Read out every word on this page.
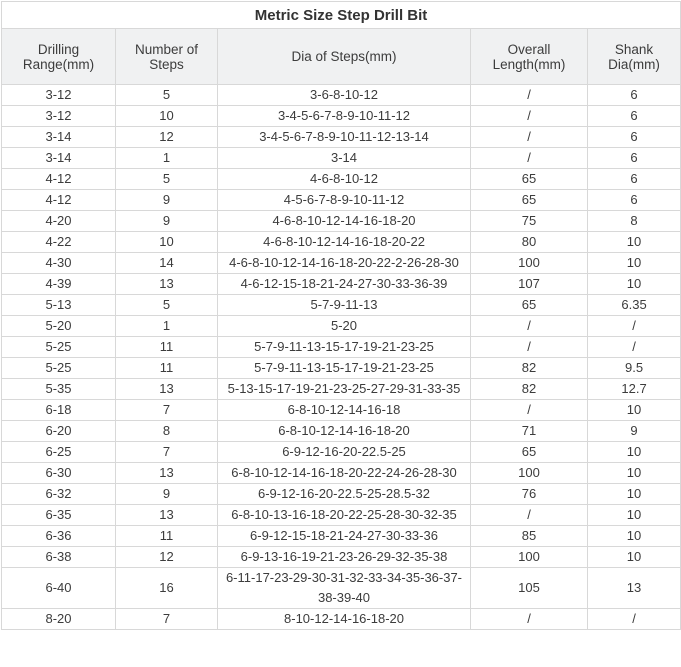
Metric Size Step Drill Bit				
Drilling Range(mm)	Number of Steps	Dia of Steps(mm)	Overall Length(mm)	Shank Dia(mm)
3-12	5	3-6-8-10-12	/	6
3-12	10	3-4-5-6-7-8-9-10-11-12	/	6
3-14	12	3-4-5-6-7-8-9-10-11-12-13-14	/	6
3-14	1	3-14	/	6
4-12	5	4-6-8-10-12	65	6
4-12	9	4-5-6-7-8-9-10-11-12	65	6
4-20	9	4-6-8-10-12-14-16-18-20	75	8
4-22	10	4-6-8-10-12-14-16-18-20-22	80	10
4-30	14	4-6-8-10-12-14-16-18-20-22-2-26-28-30	100	10
4-39	13	4-6-12-15-18-21-24-27-30-33-36-39	107	10
5-13	5	5-7-9-11-13	65	6.35
5-20	1	5-20	/	/
5-25	11	5-7-9-11-13-15-17-19-21-23-25	/	/
5-25	11	5-7-9-11-13-15-17-19-21-23-25	82	9.5
5-35	13	5-13-15-17-19-21-23-25-27-29-31-33-35	82	12.7
6-18	7	6-8-10-12-14-16-18	/	10
6-20	8	6-8-10-12-14-16-18-20	71	9
6-25	7	6-9-12-16-20-22.5-25	65	10
6-30	13	6-8-10-12-14-16-18-20-22-24-26-28-30	100	10
6-32	9	6-9-12-16-20-22.5-25-28.5-32	76	10
6-35	13	6-8-10-13-16-18-20-22-25-28-30-32-35	/	10
6-36	11	6-9-12-15-18-21-24-27-30-33-36	85	10
6-38	12	6-9-13-16-19-21-23-26-29-32-35-38	100	10
6-40	16	6-11-17-23-29-30-31-32-33-34-35-36-37-38-39-40	105	13
8-20	7	8-10-12-14-16-18-20	/	/
